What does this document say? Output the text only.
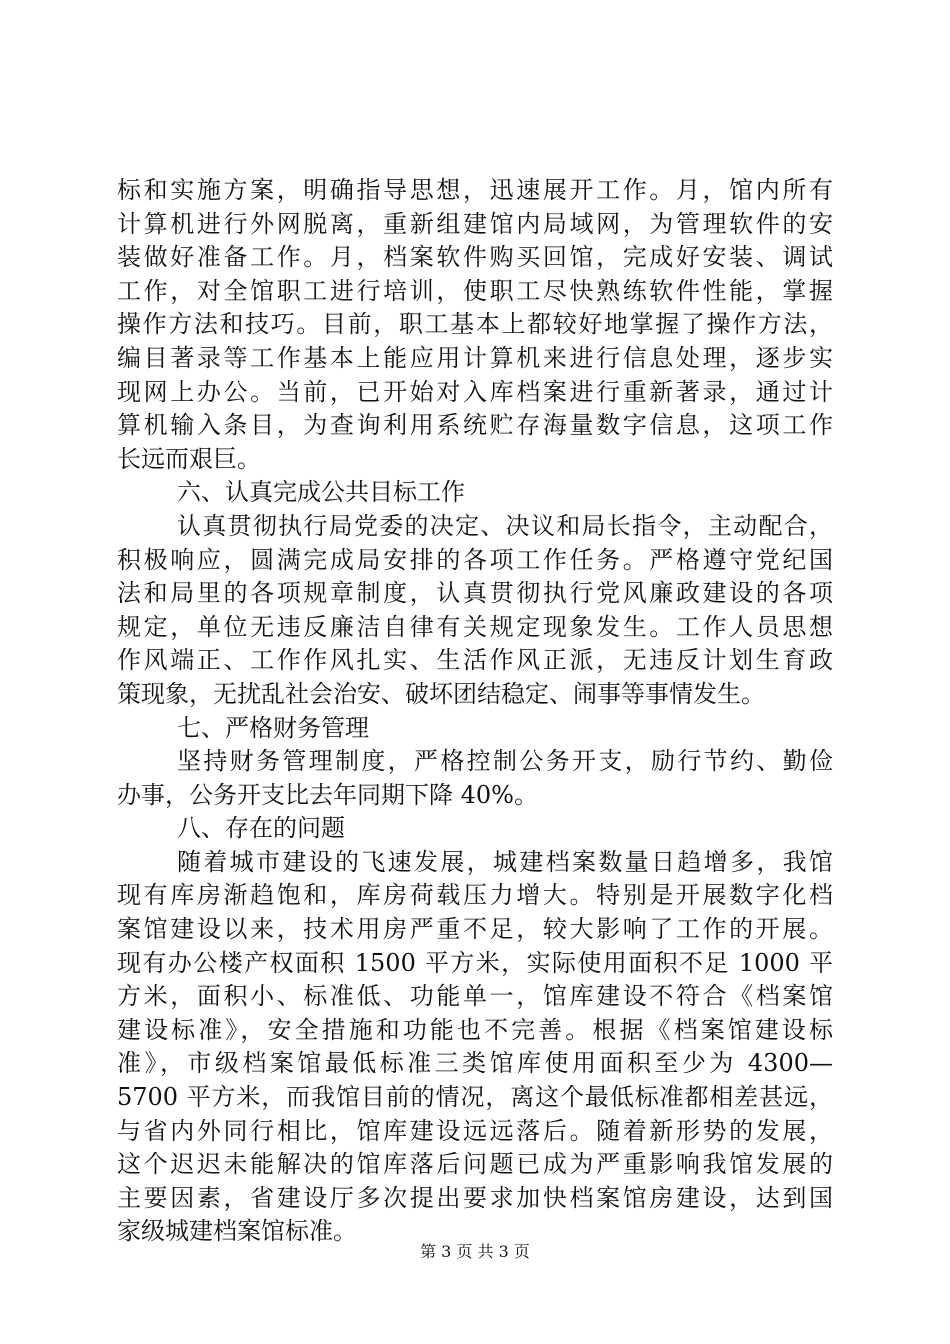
标和实施方案，明确指导思想，迅速展开工作。月，馆内所有
计算机进行外网脱离，重新组建馆内局域网，为管理软件的安
装做好准备工作。月，档案软件购买回馆，完成好安装、调试
工作，对全馆职工进行培训，使职工尽快熟练软件性能，掌握
操作方法和技巧。目前，职工基本上都较好地掌握了操作方法，
编目著录等工作基本上能应用计算机来进行信息处理，逐步实
现网上办公。当前，已开始对入库档案进行重新著录，通过计
算机输入条目，为查询利用系统贮存海量数字信息，这项工作
长远而艰巨。
六、认真完成公共目标工作
认真贯彻执行局党委的决定、决议和局长指令，主动配合，
积极响应，圆满完成局安排的各项工作任务。严格遵守党纪国
法和局里的各项规章制度，认真贯彻执行党风廉政建设的各项
规定，单位无违反廉洁自律有关规定现象发生。工作人员思想
作风端正、工作作风扎实、生活作风正派，无违反计划生育政
策现象，无扰乱社会治安、破坏团结稳定、闹事等事情发生。
七、严格财务管理
坚持财务管理制度，严格控制公务开支，励行节约、勤俭
办事，公务开支比去年同期下降 40%。
八、存在的问题
随着城市建设的飞速发展，城建档案数量日趋增多，我馆
现有库房渐趋饱和，库房荷载压力增大。特别是开展数字化档
案馆建设以来，技术用房严重不足，较大影响了工作的开展。
现有办公楼产权面积 1500 平方米，实际使用面积不足 1000 平
方米，面积小、标准低、功能单一，馆库建设不符合《档案馆
建设标准》，安全措施和功能也不完善。根据《档案馆建设标
准》，市级档案馆最低标准三类馆库使用面积至少为 4300—
5700 平方米，而我馆目前的情况，离这个最低标准都相差甚远，
与省内外同行相比，馆库建设远远落后。随着新形势的发展，
这个迟迟未能解决的馆库落后问题已成为严重影响我馆发展的
主要因素，省建设厅多次提出要求加快档案馆房建设，达到国
家级城建档案馆标准。
第 3 页 共 3 页
